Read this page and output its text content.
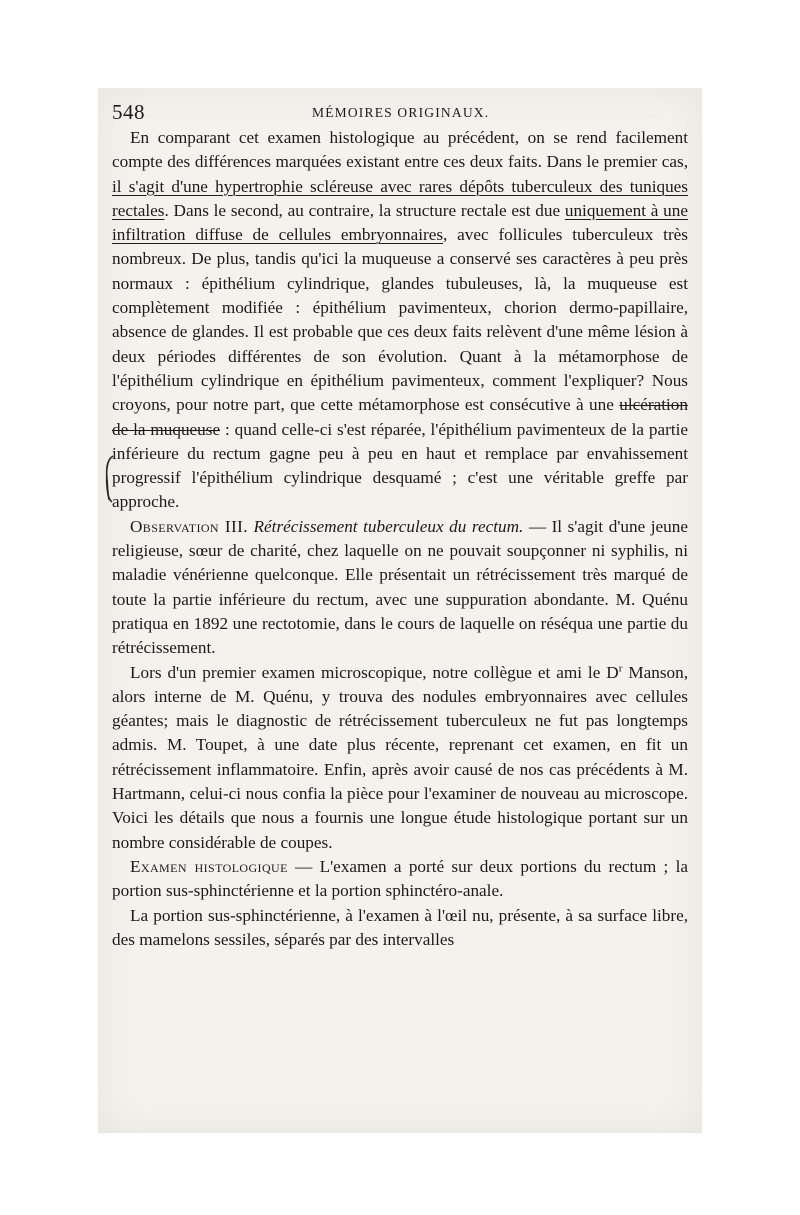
548	MÉMOIRES ORIGINAUX.

En comparant cet examen histologique au précédent, on se rend facilement compte des différences marquées existant entre ces deux faits. Dans le premier cas, il s'agit d'une hypertrophie scléreuse avec rares dépôts tuberculeux des tuniques rectales. Dans le second, au contraire, la structure rectale est due uniquement à une infiltration diffuse de cellules embryonnaires, avec follicules tuberculeux très nombreux. De plus, tandis qu'ici la muqueuse a conservé ses caractères à peu près normaux : épithélium cylindrique, glandes tubuleuses, là, la muqueuse est complètement modifiée : épithélium pavimenteux, chorion dermo-papillaire, absence de glandes. Il est probable que ces deux faits relèvent d'une même lésion à deux périodes différentes de son évolution. Quant à la métamorphose de l'épithélium cylindrique en épithélium pavimenteux, comment l'expliquer? Nous croyons, pour notre part, que cette métamorphose est consécutive à une ulcération de la muqueuse : quand celle-ci s'est réparée, l'épithélium pavimenteux de la partie inférieure du rectum gagne peu à peu en haut et remplace par envahissement progressif l'épithélium cylindrique desquamé ; c'est une véritable greffe par approche.

Observation III. Rétrécissement tuberculeux du rectum. — Il s'agit d'une jeune religieuse, sœur de charité, chez laquelle on ne pouvait soupçonner ni syphilis, ni maladie vénérienne quelconque. Elle présentait un rétrécissement très marqué de toute la partie inférieure du rectum, avec une suppuration abondante. M. Quénu pratiqua en 1892 une rectotomie, dans le cours de laquelle on réséqua une partie du rétrécissement.

Lors d'un premier examen microscopique, notre collègue et ami le $D^r$ Manson, alors interne de M. Quénu, y trouva des nodules embryonnaires avec cellules géantes; mais le diagnostic de rétrécissement tuberculeux ne fut pas longtemps admis. M. Toupet, à une date plus récente, reprenant cet examen, en fit un rétrécissement inflammatoire. Enfin, après avoir causé de nos cas précédents à M. Hartmann, celui-ci nous confia la pièce pour l'examiner de nouveau au microscope. Voici les détails que nous a fournis une longue étude histologique portant sur un nombre considérable de coupes.

Examen histologique — L'examen a porté sur deux portions du rectum ; la portion sus-sphinctérienne et la portion sphinctéro-anale.

La portion sus-sphinctérienne, à l'examen à l'œil nu, présente, à sa surface libre, des mamelons sessiles, séparés par des intervalles
